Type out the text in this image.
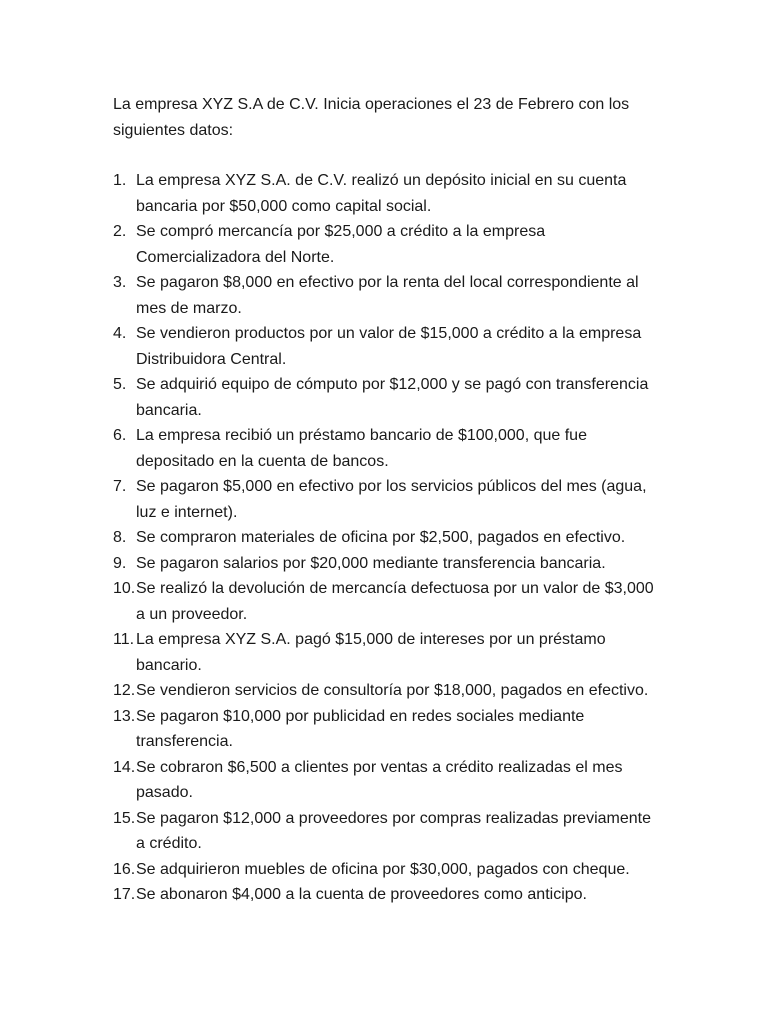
La empresa XYZ S.A de C.V. Inicia operaciones el 23 de Febrero con los siguientes datos:

1. La empresa XYZ S.A. de C.V. realizó un depósito inicial en su cuenta bancaria por $50,000 como capital social.
2. Se compró mercancía por $25,000 a crédito a la empresa Comercializadora del Norte.
3. Se pagaron $8,000 en efectivo por la renta del local correspondiente al mes de marzo.
4. Se vendieron productos por un valor de $15,000 a crédito a la empresa Distribuidora Central.
5. Se adquirió equipo de cómputo por $12,000 y se pagó con transferencia bancaria.
6. La empresa recibió un préstamo bancario de $100,000, que fue depositado en la cuenta de bancos.
7. Se pagaron $5,000 en efectivo por los servicios públicos del mes (agua, luz e internet).
8. Se compraron materiales de oficina por $2,500, pagados en efectivo.
9. Se pagaron salarios por $20,000 mediante transferencia bancaria.
10. Se realizó la devolución de mercancía defectuosa por un valor de $3,000 a un proveedor.
11. La empresa XYZ S.A. pagó $15,000 de intereses por un préstamo bancario.
12. Se vendieron servicios de consultoría por $18,000, pagados en efectivo.
13. Se pagaron $10,000 por publicidad en redes sociales mediante transferencia.
14. Se cobraron $6,500 a clientes por ventas a crédito realizadas el mes pasado.
15. Se pagaron $12,000 a proveedores por compras realizadas previamente a crédito.
16. Se adquirieron muebles de oficina por $30,000, pagados con cheque.
17. Se abonaron $4,000 a la cuenta de proveedores como anticipo.
